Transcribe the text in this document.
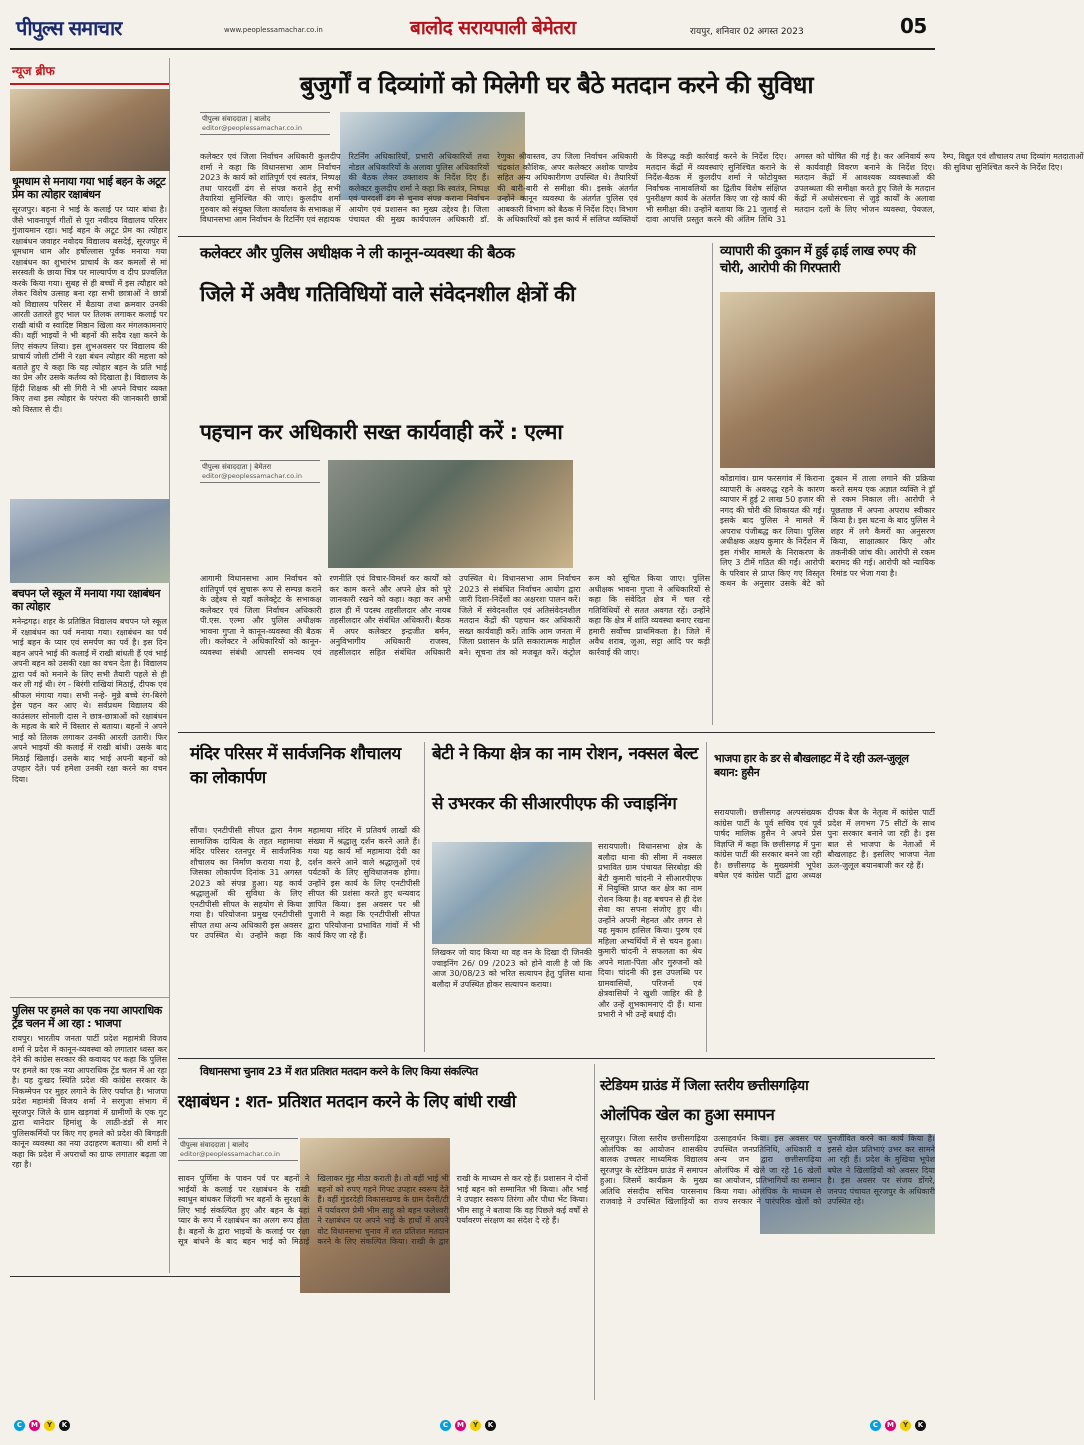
पीपुल्स समाचार	www.peoplessamachar.co.in	बालोद सरायपाली बेमेतरा	रायपुर, शनिवार 02 अगस्त 2023	05
न्यूज ब्रीफ
धूमधाम से मनाया गया भाई बहन के अटूट प्रेम का त्योहार रक्षाबंधन
सूरजपुर। बहना ने भाई के कलाई पर प्यार बांधा है। जैसे भावनापूर्ण गीतों से पूरा नवीदय विद्यालय परिसर गुंजायमान रहा। भाई बहन के अटूट प्रेम का त्योहार रक्षाबंधन जवाहर नवोदय विद्यालय बसदेई, सूरजपुर में धूमधाम धाम और हर्षोल्लास पूर्वक मनाया गया रक्षाबंधन का शुभारंभ प्राचार्य के कर कमलों से मां सरस्वती के छाया चित्र पर माल्यार्पण व दीप प्रज्वलित करके किया गया। सुबह से ही बच्चों में इस त्यौहार को लेकर विशेष उत्साह बना रहा सभी छात्राओं ने छात्रों को विद्यालय परिसर में बैठाया तथा क्रमवार उनकी आरती उतारते हुए भाल पर तिलक लगाकर कलाई पर राखी बांधी व स्वादिष्ट मिष्ठान खिला कर मंगलकामनाएं की। वहीं भाइयों ने भी बहनों की सदैव रक्षा करने के लिए संकल्प लिया। इस शुभअवसर पर विद्यालय की प्राचार्य जोली टॉमी ने रक्षा बंधन त्योहार की महत्ता को बताते हुए ये कहा कि यह त्योहार बहन के प्रति भाई का प्रेम और उसके कर्तव्य को दिखाता है। विद्यालय के हिंदी शिक्षक श्री सी गिरी ने भी अपने विचार व्यक्त किए तथा इस त्योहार के परंपरा की जानकारी छात्रों को विस्तार से दी।
बचपन प्ले स्कूल में मनाया गया रक्षाबंधन का त्योहार
मनेन्द्रगढ़। शहर के प्रतिष्ठित विद्यालय बचपन प्ले स्कूल में रक्षाबंधन का पर्व मनाया गया। रक्षाबंधन का पर्व भाई बहन के प्यार एवं समर्पण का पर्व है। इस दिन बहन अपने भाई की कलाई में राखी बांधती हैं एवं भाई अपनी बहन को उसकी रक्षा का वचन देता है। विद्यालय द्वारा पर्व को मनाने के लिए सभी तैयारी पहले से ही कर ली गई थी। रंग - बिरंगी राखियां मिठाई, दीपक एवं श्रीफल मंगाया गया। सभी नन्हे- मुन्ने बच्चे रंग-बिरंगे ड्रेस पहन कर आए थे। सर्वप्रथम विद्यालय की काउंसलर सोनाली दास ने छात्र-छात्राओं को रक्षाबंधन के महत्व के बारे में विस्तार से बताया। बहनों ने अपने भाई को तिलक लगाकर उनकी आरती उतारी। फिर अपने भाइयों की कलाई में राखी बांधी। उसके बाद मिठाई खिलाई। उसके बाद भाई अपनी बहनों को उपहार देते। पर्व हमेशा उनकी रक्षा करने का वचन दिया।
पुलिस पर हमले का एक नया आपराधिक ट्रेंड चलन में आ रहा : भाजपा
रायपुर। भारतीय जनता पार्टी प्रदेश महामंत्री विजय शर्मा ने प्रदेश में कानून-व्यवस्था को लगातार ध्वस्त कर देने की कांग्रेस सरकार की कवायद पर कहा कि पुलिस पर हमले का एक नया आपराधिक ट्रेंड चलन में आ रहा है। यह दुःखद स्थिति प्रदेश की कांग्रेस सरकार के निकम्मेपन पर मुहर लगाने के लिए पर्याप्त है। भाजपा प्रदेश महामंत्री विजय शर्मा ने सरगुजा संभाग में सूरजपुर जिले के ग्राम खड़गवां में ग्रामीणों के एक गुट द्वारा थानेदार हिमांशु के लाठी-डंडों से मार पुलिसकर्मियों पर किए गए हमले को प्रदेश की बिगड़ती कानून व्यवस्था का नया उदाहरण बताया। श्री शर्मा ने कहा कि प्रदेश में अपराधों का ग्राफ लगातार बढ़ता जा रहा है।
बुजुर्गों व दिव्यांगों को मिलेगी घर बैठे मतदान करने की सुविधा
पीपुल्स संवाददाता | बालोद
editor@peoplessamachar.co.in
कलेक्टर एवं जिला निर्वाचन अधिकारी कुलदीप शर्मा ने कहा कि विधानसभा आम निर्वाचन 2023 के कार्य को शांतिपूर्ण एवं स्वतंत्र, निष्पक्ष तथा पारदर्शी ढंग से संपन्न कराने हेतु सभी तैयारियां सुनिश्चित की जाएं। कुलदीप शर्मा गुरुवार को संयुक्त जिला कार्यालय के सभाकक्ष में विधानसभा आम निर्वाचन के रिटर्निंग एवं सहायक रिटर्निंग अधिकारियों, प्रभारी अधिकारियों तथा नोडल अधिकारियों के अलावा पुलिस अधिकारियों की बैठक लेकर उक्ताशय के निर्देश दिए हैं। कलेक्टर कुलदीप शर्मा ने कहा कि स्वतंत्र, निष्पक्ष एवं पारदर्शी ढंग से चुनाव संपन्न कराना निर्वाचन आयोग एवं प्रशासन का मुख्य उद्देश्य है। जिला पंचायत की मुख्य कार्यपालन अधिकारी डॉ. रेणुका श्रीवास्तव, उप जिला निर्वाचन अधिकारी चंद्रकांत कौशिक, अपर कलेक्टर अशोक पाण्डेय सहित अन्य अधिकारीगण उपस्थित थे। तैयारियों की बारी-बारी से समीक्षा की। इसके अंतर्गत उन्होंने कानून व्यवस्था के अंतर्गत पुलिस एवं आबकारी विभाग को बैठक में निर्देश दिए। विभाग के अधिकारियों को इस कार्य में संलिप्त व्यक्तियों के विरूद्ध कड़ी कार्रवाई करने के निर्देश दिए। मतदान केंद्रों में व्यवस्थाएं सुनिश्चित कराने के निर्देश-बैठक में कुलदीप शर्मा ने फोटोयुक्त निर्वाचक नामावलियों का द्वितीय विशेष संक्षिप्त पुनरीक्षण कार्य के अंतर्गत किए जा रहे कार्य की भी समीक्षा की। उन्होंने बताया कि 21 जुलाई से दावा आपत्ति प्रस्तुत करने की अंतिम तिथि 31 अगस्त को घोषित की गई है। कर अनिवार्य रूप से कार्यवाही विवरण बनाने के निर्देश दिए। मतदान केंद्रों में आवश्यक व्यवस्थाओं की उपलब्धता की समीक्षा करते हुए जिले के मतदान केंद्रों में अधोसंरचना से जुड़े कार्यों के अलावा मतदान दलों के लिए भोजन व्यवस्था, पेयजल, रैम्प, विद्युत एवं शौचालय तथा दिव्यांग मतदाताओं की सुविधा सुनिश्चित करने के निर्देश दिए।
कलेक्टर और पुलिस अधीक्षक ने ली कानून-व्यवस्था की बैठक
जिले में अवैध गतिविधियों वाले संवेदनशील क्षेत्रों की
पहचान कर अधिकारी सख्त कार्यवाही करें : एल्मा
पीपुल्स संवाददाता | बेमेतरा
editor@peoplessamachar.co.in
आगामी विधानसभा आम निर्वाचन को शांतिपूर्ण एवं सुचारू रूप से सम्पन्न कराने के उद्देश्य से यहाँ कलेक्ट्रेट के सभाकक्ष कलेक्टर एवं जिला निर्वाचन अधिकारी पी.एस. एल्मा और पुलिस अधीक्षक भावना गुप्ता ने कानून-व्यवस्था की बैठक ली। कलेक्टर ने अधिकारियों को कानून-व्यवस्था संबंधी आपसी समन्वय एवं रणनीति एवं विचार-विमर्श कर कार्यों को कर काम करने और अपने क्षेत्र को पूरे जानकारी रखने को कहा। कहा कर अभी हाल ही में पदस्थ तहसीलदार और नायब तहसीलदार और संबंधित अधिकारी। बैठक में अपर कलेक्टर इन्द्रजीत बर्मन, अनुविभागीय अधिकारी राजस्व, तहसीलदार सहित संबंधित अधिकारी उपस्थित थे। विधानसभा आम निर्वाचन 2023 से संबंधित निर्वाचन आयोग द्वारा जारी दिशा-निर्देशों का अक्षरशः पालन करें। जिले में संवेदनशील एवं अतिसंवेदनशील मतदान केंद्रों की पहचान कर अधिकारी सख्त कार्यवाही करें। ताकि आम जनता में जिला प्रशासन के प्रति सकारात्मक माहौल बने। सूचना तंत्र को मजबूत करें। कंट्रोल रूम को सूचित किया जाए। पुलिस अधीक्षक भावना गुप्ता ने अधिकारियों से कहा कि संवेदित क्षेत्र में चल रहे गतिविधियों से सतत अवगत रहें। उन्होंने कहा कि क्षेत्र में शांति व्यवस्था बनाए रखना हमारी सर्वोच्च प्राथमिकता है। जिले में अवैध शराब, जुआ, सट्टा आदि पर कड़ी कार्रवाई की जाए।
व्यापारी की दुकान में हुई ढ़ाई लाख रुपए की चोरी, आरोपी की गिरफ्तारी
कोंडागांव। ग्राम फरसगांव में किराना व्यापारी के अवरुद्ध रहने के कारण व्यापार में हुई 2 लाख 50 हजार की नगद की चोरी की शिकायत की गई। इसके बाद पुलिस ने मामले में अपराध पंजीबद्ध कर लिया। पुलिस अधीक्षक अक्षय कुमार के निर्देशन में इस गंभीर मामले के निराकरण के लिए 3 टीमें गठित की गईं। आरोपी के परिवार से प्राप्त किए गए विस्तृत कथन के अनुसार उसके बेटे को दुकान में ताला लगाने की प्रक्रिया करते समय एक अज्ञात व्यक्ति ने ड्रॉ से रकम निकाल ली। आरोपी ने पूछताछ में अपना अपराध स्वीकार किया है। इस घटना के बाद पुलिस ने शहर में लगे कैमरों का अनुसरण किया, साक्षात्कार किए और तकनीकी जांच की। आरोपी से रकम बरामद की गई। आरोपी को न्यायिक रिमांड पर भेजा गया है।
मंदिर परिसर में सार्वजनिक शौचालय का लोकार्पण
सौंपा। एनटीपीसी सीपत द्वारा नैगम सामाजिक दायित्व के तहत महामाया मंदिर परिसर रतनपुर में सार्वजनिक शौचालय का निर्माण कराया गया है, जिसका लोकार्पण दिनांक 31 अगस्त 2023 को संपन्न हुआ। यह कार्य श्रद्धालुओं की सुविधा के लिए एनटीपीसी सीपत के सहयोग से किया गया है। परियोजना प्रमुख एनटीपीसी सीपत तथा अन्य अधिकारी इस अवसर पर उपस्थित थे। उन्होंने कहा कि महामाया मंदिर में प्रतिवर्ष लाखों की संख्या में श्रद्धालु दर्शन करने आते हैं। गया यह कार्य माँ महामाया देवी का दर्शन करने आने वाले श्रद्धालुओं एवं पर्यटकों के लिए सुविधाजनक होगा। उन्होंने इस कार्य के लिए एनटीपीसी सीपत की प्रशंसा करते हुए धन्यवाद ज्ञापित किया। इस अवसर पर श्री पुजारी ने कहा कि एनटीपीसी सीपत द्वारा परियोजना प्रभावित गांवों में भी कार्य किए जा रहे हैं।
बेटी ने किया क्षेत्र का नाम रोशन, नक्सल बेल्ट
से उभरकर की सीआरपीएफ की ज्वाइनिंग
लिखकर जो याद किया था वह वन के दिखा दी जिनकी ज्वाइनिंग 26/ 09 /2023 को होने वाली है जो कि आज 30/08/23 को भरित सत्यापन हेतु पुलिस थाना बलौदा में उपस्थित होकर सत्यापन कराया।
सरायपाली। विधानसभा क्षेत्र के बलौदा थाना की सीमा में नक्सल प्रभावित ग्राम पंचायत सिरबोड़ा की बेटी कुमारी चांदनी ने सीआरपीएफ में नियुक्ति प्राप्त कर क्षेत्र का नाम रोशन किया है। वह बचपन से ही देश सेवा का सपना संजोए हुए थी। उन्होंने अपनी मेहनत और लगन से यह मुकाम हासिल किया। पुरुष एवं महिला अभ्यर्थियों में से चयन हुआ। कुमारी चांदनी ने सफलता का श्रेय अपने माता-पिता और गुरुजनों को दिया। चांदनी की इस उपलब्धि पर ग्रामवासियों, परिजनों एवं क्षेत्रवासियों ने खुशी जाहिर की है और उन्हें शुभकामनाएं दी हैं। थाना प्रभारी ने भी उन्हें बधाई दी।
भाजपा हार के डर से बौखलाहट में दे रही ऊल-जुलूल बयान: हुसैन
सरायपाली। छत्तीसगढ़ अल्पसंख्यक कांग्रेस पार्टी के पूर्व सचिव एवं पूर्व पार्षद मालिक हुसैन ने अपने प्रेस विज्ञप्ति में कहा कि छत्तीसगढ़ में पुनः कांग्रेस पार्टी की सरकार बनने जा रही है। छत्तीसगढ़ के मुख्यमंत्री भूपेश बघेल एवं कांग्रेस पार्टी द्वारा अध्यक्ष दीपक बैज के नेतृत्व में कांग्रेस पार्टी प्रदेश में लगभग 75 सीटों के साथ पुनः सरकार बनाने जा रही है। इस बात से भाजपा के नेताओं में बौखलाहट है। इसलिए भाजपा नेता ऊल-जुलूल बयानबाजी कर रहे हैं।
विधानसभा चुनाव 23 में शत प्रतिशत मतदान करने के लिए किया संकल्पित
रक्षाबंधन : शत- प्रतिशत मतदान करने के लिए बांधी राखी
पीपुल्स संवाददाता | बालोद
editor@peoplessamachar.co.in
सावन पूर्णिमा के पावन पर्व पर बहनों ने भाईयों के कलाई पर रक्षाबंधन के राखी स्वाधुन बांधकर जिंदगी भर बहनों के सुरक्षा के लिए भाई संकल्पित हुए और बहन के यहां प्यार के रूप में रक्षाबंधन का अलग रूप होता है। बहनों के द्वारा भाइयों के कलाई पर रक्षा सूत्र बांधने के बाद बहन भाई को मिठाई खिलाकर मुंह मीठा कराती है। तो वहीं भाई भी बहनों को रुपए गहने गिफ्ट उपहार स्वरूप देते हैं। वहीं गुंडरदेही विकासखण्ड के ग्राम देवरी/टी में पर्यावरण प्रेमी भीम साहू को बहन फलेश्वरी ने रक्षाबंधन पर अपने भाई के हाथों में अपने वोट विधानसभा चुनाव में शत प्रतिशत मतदान करने के लिए संकल्पित किया। राखी के द्वार राखी के माध्यम से कर रहे हैं। प्रशासन ने दोनों भाई बहन को सम्मानित भी किया। और भाई ने उपहार स्वरूप तिरंगा और पौधा भेंट किया। भीम साहू ने बताया कि वह पिछले कई वर्षों से पर्यावरण संरक्षण का संदेश दे रहे हैं।
स्टेडियम ग्राउंड में जिला स्तरीय छत्तीसगढ़िया
ओलंपिक खेल का हुआ समापन
सूरजपुर। जिला स्तरीय छत्तीसगढ़िया ओलंपिक का आयोजन शासकीय बालक उच्चतर माध्यमिक विद्यालय सूरजपुर के स्टेडियम ग्राउंड में समापन हुआ। जिसमें कार्यक्रम के मुख्य अतिथि संसदीय सचिव पारसनाथ राजवाड़े ने उपस्थित खिलाड़ियों का उत्साहवर्धन किया। इस अवसर पर उपस्थित जनप्रतिनिधि, अधिकारी व अन्य जन द्वारा छत्तीसगढ़िया ओलंपिक में खेले जा रहे 16 खेलों का आयोजन, प्रतिभागियों का सम्मान किया गया। ओलंपिक के माध्यम से राज्य सरकार ने पारंपरिक खेलों को पुनर्जीवित करने का कार्य किया है। इससे खेल प्रतिभाएं उभर कर सामने आ रही हैं। प्रदेश के मुखिया भूपेश बघेल ने खिलाड़ियों को अवसर दिया है। इस अवसर पर संजय डोंगरे, जनपद पंचायत सूरजपुर के अधिकारी उपस्थित रहे।
C	M	Y	K	C	M	Y	K	C	M	Y	K
